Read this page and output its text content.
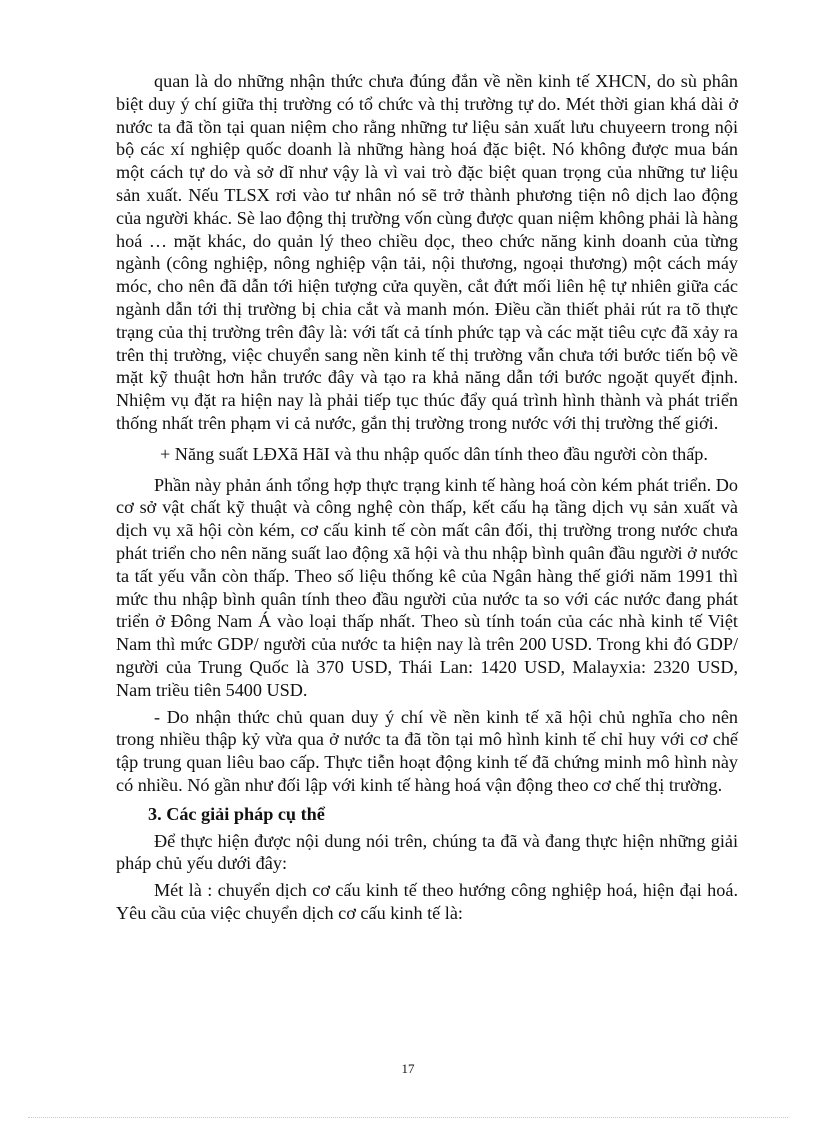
quan là do những nhận thức chưa đúng đắn về nền kinh tế XHCN, do sù phân biệt duy ý chí giữa thị trường có tổ chức và thị trường tự do. Mét thời gian khá dài ở nước ta đã tồn tại quan niệm cho rằng những tư liệu sản xuất lưu chuyeern trong nội bộ các xí nghiệp quốc doanh là những hàng hoá đặc biệt. Nó không được mua bán một cách tự do và sở dĩ như vậy là vì vai trò đặc biệt quan trọng của những tư liệu sản xuất. Nếu TLSX rơi vào tư nhân nó sẽ trở thành phương tiện nô dịch lao động của người khác. Sè lao động thị trường vốn cùng được quan niệm không phải là hàng hoá … mặt khác, do quản lý theo chiều dọc, theo chức năng kinh doanh của từng ngành (công nghiệp, nông nghiệp vận tải, nội thương, ngoại thương) một cách máy móc, cho nên đã dẫn tới hiện tượng cửa quyền, cắt đứt mối liên hệ tự nhiên giữa các ngành dẫn tới thị trường bị chia cắt và manh món. Điều cần thiết phải rút ra tõ thực trạng của thị trường trên đây là: với tất cả tính phức tạp và các mặt tiêu cực đã xảy ra trên thị trường, việc chuyển sang nền kinh tế thị trường vẫn chưa tới bước tiến bộ về mặt kỹ thuật hơn hẳn trước đây và tạo ra khả năng dẫn tới bước ngoặt quyết định. Nhiệm vụ đặt ra hiện nay là phải tiếp tục thúc đẩy quá trình hình thành và phát triển thống nhất trên phạm vi cả nước, gắn thị trường trong nước với thị trường thế giới.

+ Năng suất LĐXã HãI và thu nhập quốc dân tính theo đầu người còn thấp.

Phần này phản ánh tổng hợp thực trạng kinh tế hàng hoá còn kém phát triển. Do cơ sở vật chất kỹ thuật và công nghệ còn thấp, kết cấu hạ tầng dịch vụ sản xuất và dịch vụ xã hội còn kém, cơ cấu kinh tế còn mất cân đối, thị trường trong nước chưa phát triển cho nên năng suất lao động xã hội và thu nhập bình quân đầu người ở nước ta tất yếu vẫn còn thấp. Theo số liệu thống kê của Ngân hàng thế giới năm 1991 thì mức thu nhập bình quân tính theo đầu người của nước ta so với các nước đang phát triển ở Đông Nam Á vào loại thấp nhất. Theo sù tính toán của các nhà kinh tế Việt Nam thì mức GDP/ người của nước ta hiện nay là trên 200 USD. Trong khi đó GDP/ người của Trung Quốc là 370 USD, Thái Lan: 1420 USD, Malayxia: 2320 USD, Nam triều tiên 5400 USD.

- Do nhận thức chủ quan duy ý chí về nền kinh tế xã hội chủ nghĩa cho nên trong nhiều thập kỷ vừa qua ở nước ta đã tồn tại mô hình kinh tế chỉ huy với cơ chế tập trung quan liêu bao cấp. Thực tiễn hoạt động kinh tế đã chứng minh mô hình này có nhiều. Nó gần như đối lập với kinh tế hàng hoá vận động theo cơ chế thị trường.

3. Các giải pháp cụ thể

Để thực hiện được nội dung nói trên, chúng ta đã và đang thực hiện những giải pháp chủ yếu dưới đây:

Mét là : chuyển dịch cơ cấu kinh tế theo hướng công nghiệp hoá, hiện đại hoá. Yêu cầu của việc chuyển dịch cơ cấu kinh tế là:

17
